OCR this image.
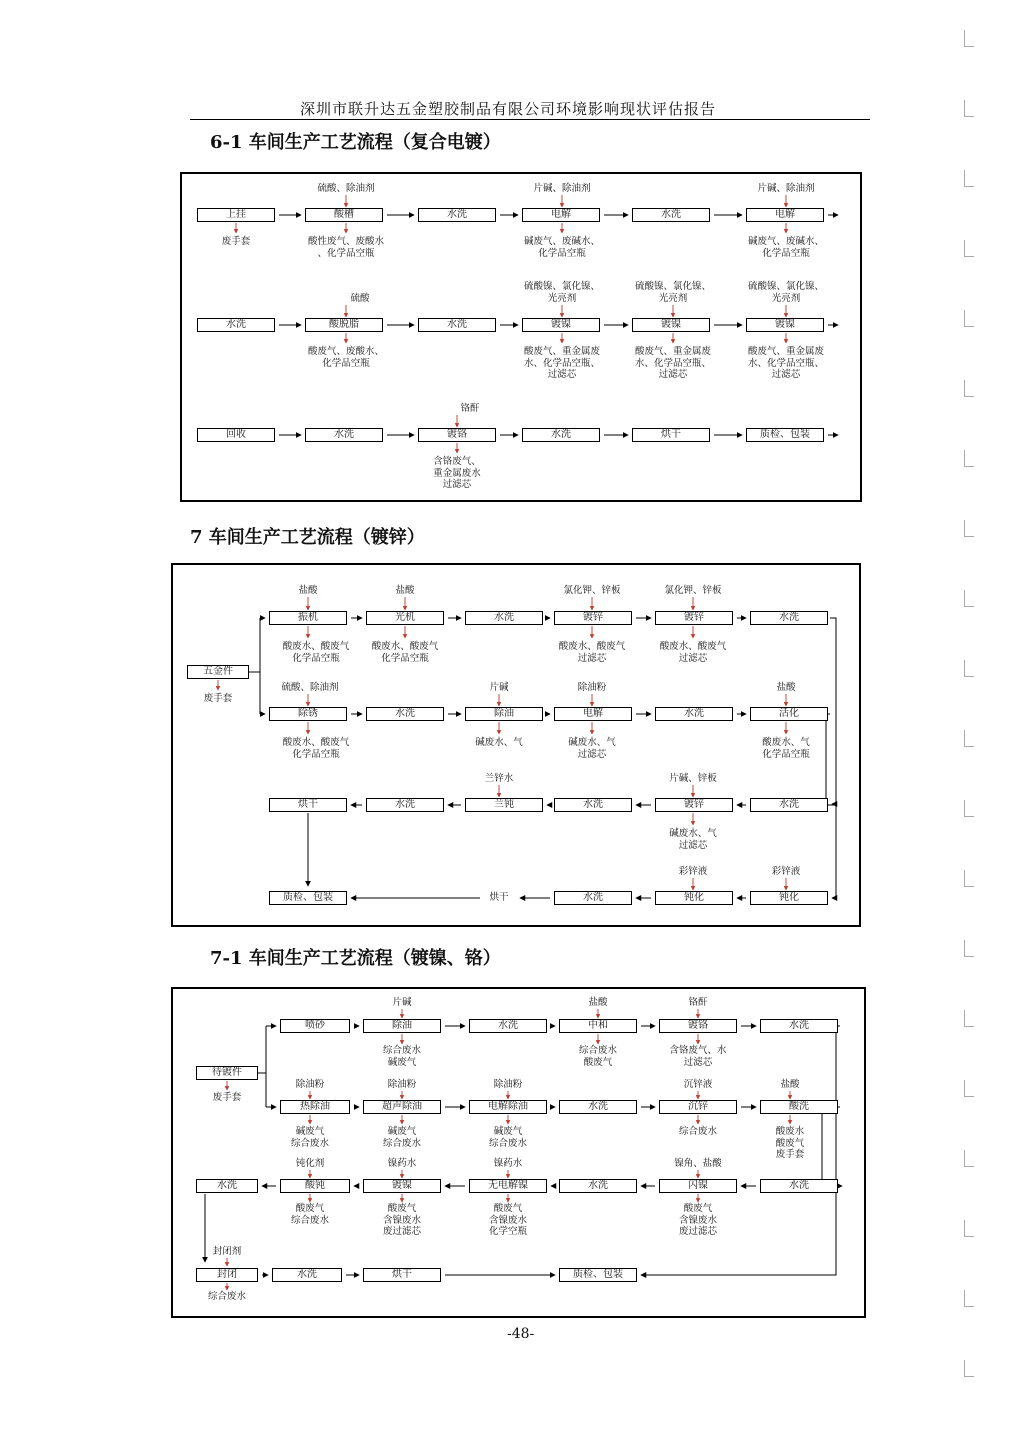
深圳市联升达五金塑胶制品有限公司环境影响现状评估报告
6-1 车间生产工艺流程（复合电镀）
7 车间生产工艺流程（镀锌）
7-1 车间生产工艺流程（镀镍、铬）
上挂	酸槽	水洗	电解	水洗	电解
水洗	酸脱脂	水洗	镀镍	镀镍	镀镍
回收	水洗	镀铬	水洗	烘干	质检、包装
硫酸、除油剂	片碱、除油剂	片碱、除油剂
废手套	酸性废气、废酸水
、化学品空瓶
碱废气、废碱水、
化学品空瓶
碱废气、废碱水、
化学品空瓶
硫酸
硫酸镍、氯化镍、
光亮剂
硫酸镍、氯化镍、
光亮剂
硫酸镍、氯化镍、
光亮剂
酸废气、废酸水、
化学品空瓶
酸废气、重金属废
水、化学品空瓶、
过滤芯
酸废气、重金属废
水、化学品空瓶、
过滤芯
酸废气、重金属废
水、化学品空瓶、
过滤芯
铬酐
含铬废气、
重金属废水
过滤芯
五金件
废手套
振机	光机	水洗	镀锌	镀锌	水洗
盐酸	盐酸	氯化钾、锌板	氯化钾、锌板
酸废水、酸废气
化学品空瓶
酸废水、酸废气
化学品空瓶
酸废水、酸废气
过滤芯
酸废水、酸废气
过滤芯
除锈	水洗	除油	电解	水洗	活化
硫酸、除油剂	片碱	除油粉	盐酸
酸废水、酸废气
化学品空瓶
碱废水、气	碱废水、气
过滤芯
酸废水、气
化学品空瓶
烘干	水洗	兰钝	水洗	镀锌	水洗
兰锌水	片碱、锌板
碱废水、气
过滤芯
质检、包装	烘干	水洗	钝化	钝化
彩锌液	彩锌液
待镀件
废手套
喷砂	除油	水洗	中和	镀铬	水洗
片碱	盐酸	铬酐
综合废水
碱废气
综合废水
酸废气
含铬废气、水
过滤芯
热除油	超声除油	电解除油	水洗	沉锌	酸洗
除油粉	除油粉	除油粉	沉锌液	盐酸
碱废气
综合废水
碱废气
综合废水
碱废气
综合废水
综合废水	酸废水
酸废气
废手套
水洗	酸钝	镀镍	无电解镍	水洗	闪镍	水洗
钝化剂	镍药水	镍药水	镍角、盐酸
酸废气
综合废水
酸废气
含镍废水
废过滤芯
酸废气
含镍废水
化学空瓶
酸废气
含镍废水
废过滤芯
封闭剂
封闭	水洗	烘干	质检、包装
综合废水
-48-
